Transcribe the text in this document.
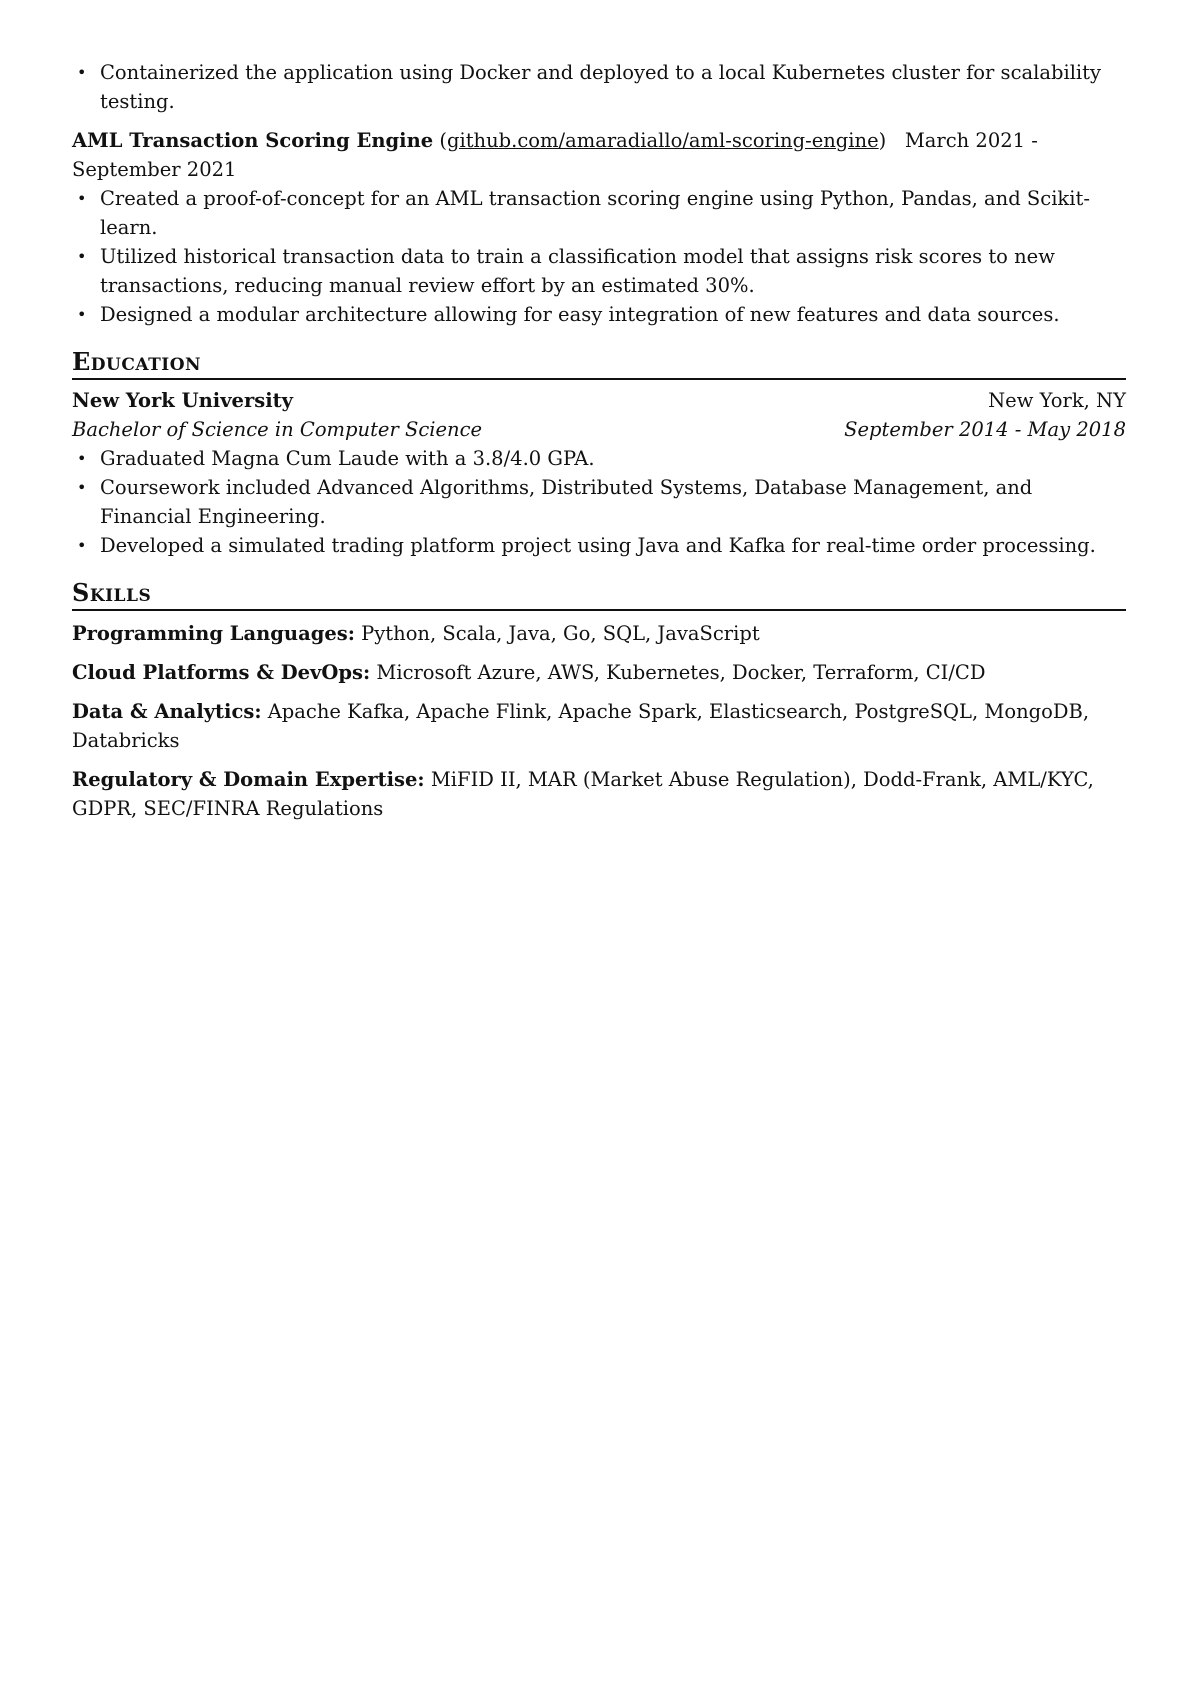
• Containerized the application using Docker and deployed to a local Kubernetes cluster for scalability testing.
AML Transaction Scoring Engine (github.com/amaradiallo/aml-scoring-engine) March 2021 - September 2021
• Created a proof-of-concept for an AML transaction scoring engine using Python, Pandas, and Scikit-learn.
• Utilized historical transaction data to train a classification model that assigns risk scores to new transactions, reducing manual review effort by an estimated 30%.
• Designed a modular architecture allowing for easy integration of new features and data sources.
Education
New York University	New York, NY
Bachelor of Science in Computer Science	September 2014 - May 2018
• Graduated Magna Cum Laude with a 3.8/4.0 GPA.
• Coursework included Advanced Algorithms, Distributed Systems, Database Management, and Financial Engineering.
• Developed a simulated trading platform project using Java and Kafka for real-time order processing.
Skills
Programming Languages: Python, Scala, Java, Go, SQL, JavaScript
Cloud Platforms & DevOps: Microsoft Azure, AWS, Kubernetes, Docker, Terraform, CI/CD
Data & Analytics: Apache Kafka, Apache Flink, Apache Spark, Elasticsearch, PostgreSQL, MongoDB, Databricks
Regulatory & Domain Expertise: MiFID II, MAR (Market Abuse Regulation), Dodd-Frank, AML/KYC, GDPR, SEC/FINRA Regulations
